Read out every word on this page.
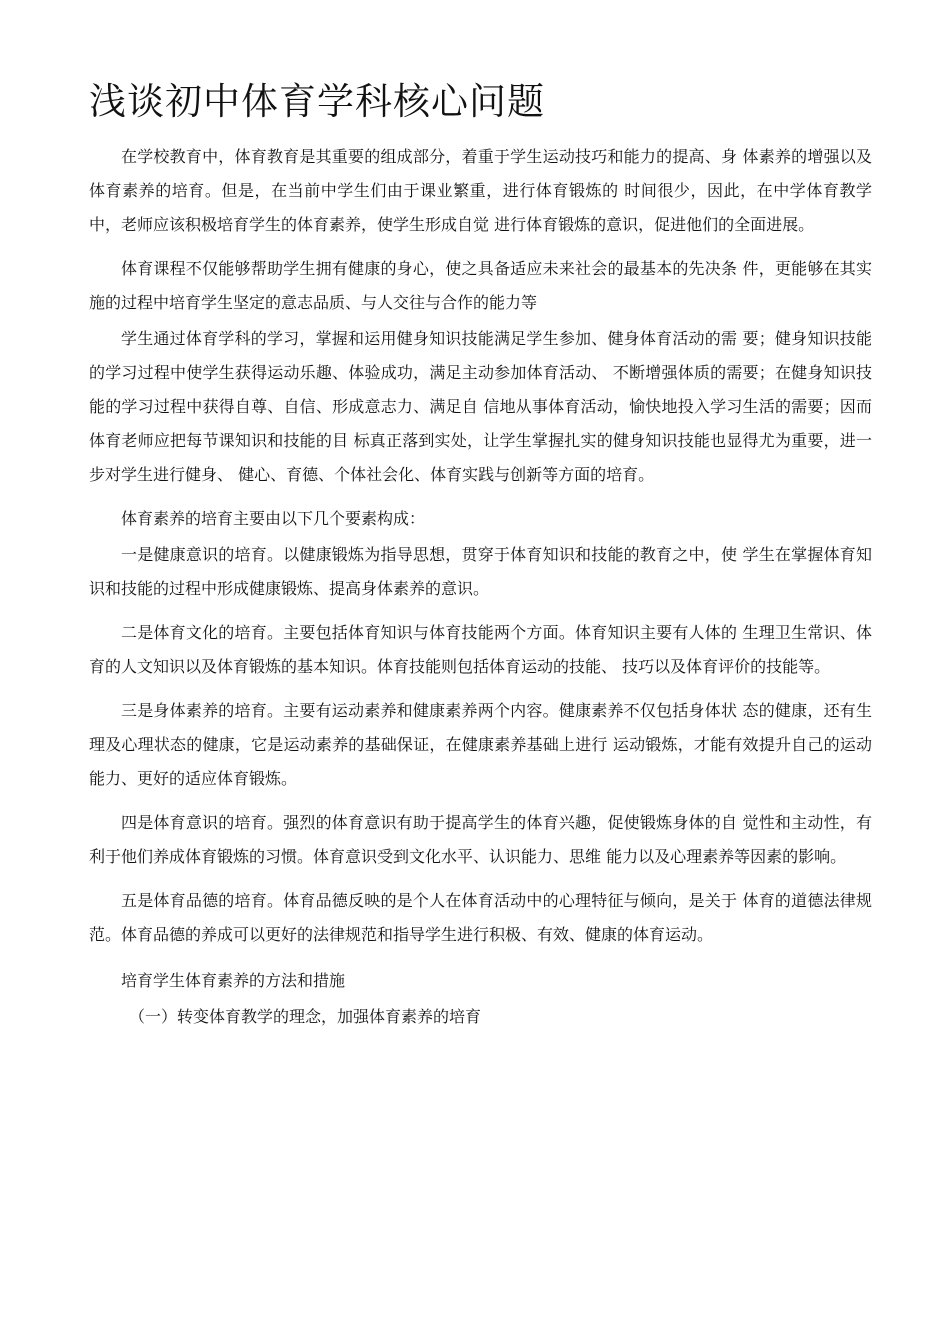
浅谈初中体育学科核心问题

在学校教育中，体育教育是其重要的组成部分，着重于学生运动技巧和能力的提高、身 体素养的增强以及体育素养的培育。但是，在当前中学生们由于课业繁重，进行体育锻炼的 时间很少，因此，在中学体育教学中，老师应该积极培育学生的体育素养，使学生形成自觉 进行体育锻炼的意识，促进他们的全面进展。

体育课程不仅能够帮助学生拥有健康的身心，使之具备适应未来社会的最基本的先决条 件，更能够在其实施的过程中培育学生坚定的意志品质、与人交往与合作的能力等

学生通过体育学科的学习，掌握和运用健身知识技能满足学生参加、健身体育活动的需 要；健身知识技能的学习过程中使学生获得运动乐趣、体验成功，满足主动参加体育活动、 不断增强体质的需要；在健身知识技能的学习过程中获得自尊、自信、形成意志力、满足自 信地从事体育活动，愉快地投入学习生活的需要；因而体育老师应把每节课知识和技能的目 标真正落到实处，让学生掌握扎实的健身知识技能也显得尤为重要，进一步对学生进行健身、 健心、育德、个体社会化、体育实践与创新等方面的培育。

体育素养的培育主要由以下几个要素构成：

一是健康意识的培育。以健康锻炼为指导思想，贯穿于体育知识和技能的教育之中，使 学生在掌握体育知识和技能的过程中形成健康锻炼、提高身体素养的意识。

二是体育文化的培育。主要包括体育知识与体育技能两个方面。体育知识主要有人体的 生理卫生常识、体育的人文知识以及体育锻炼的基本知识。体育技能则包括体育运动的技能、 技巧以及体育评价的技能等。

三是身体素养的培育。主要有运动素养和健康素养两个内容。健康素养不仅包括身体状 态的健康，还有生理及心理状态的健康，它是运动素养的基础保证，在健康素养基础上进行 运动锻炼，才能有效提升自己的运动能力、更好的适应体育锻炼。

四是体育意识的培育。强烈的体育意识有助于提高学生的体育兴趣，促使锻炼身体的自 觉性和主动性，有利于他们养成体育锻炼的习惯。体育意识受到文化水平、认识能力、思维 能力以及心理素养等因素的影响。

五是体育品德的培育。体育品德反映的是个人在体育活动中的心理特征与倾向，是关于 体育的道德法律规范。体育品德的养成可以更好的法律规范和指导学生进行积极、有效、健康的体育运动。

培育学生体育素养的方法和措施

（一）转变体育教学的理念，加强体育素养的培育
